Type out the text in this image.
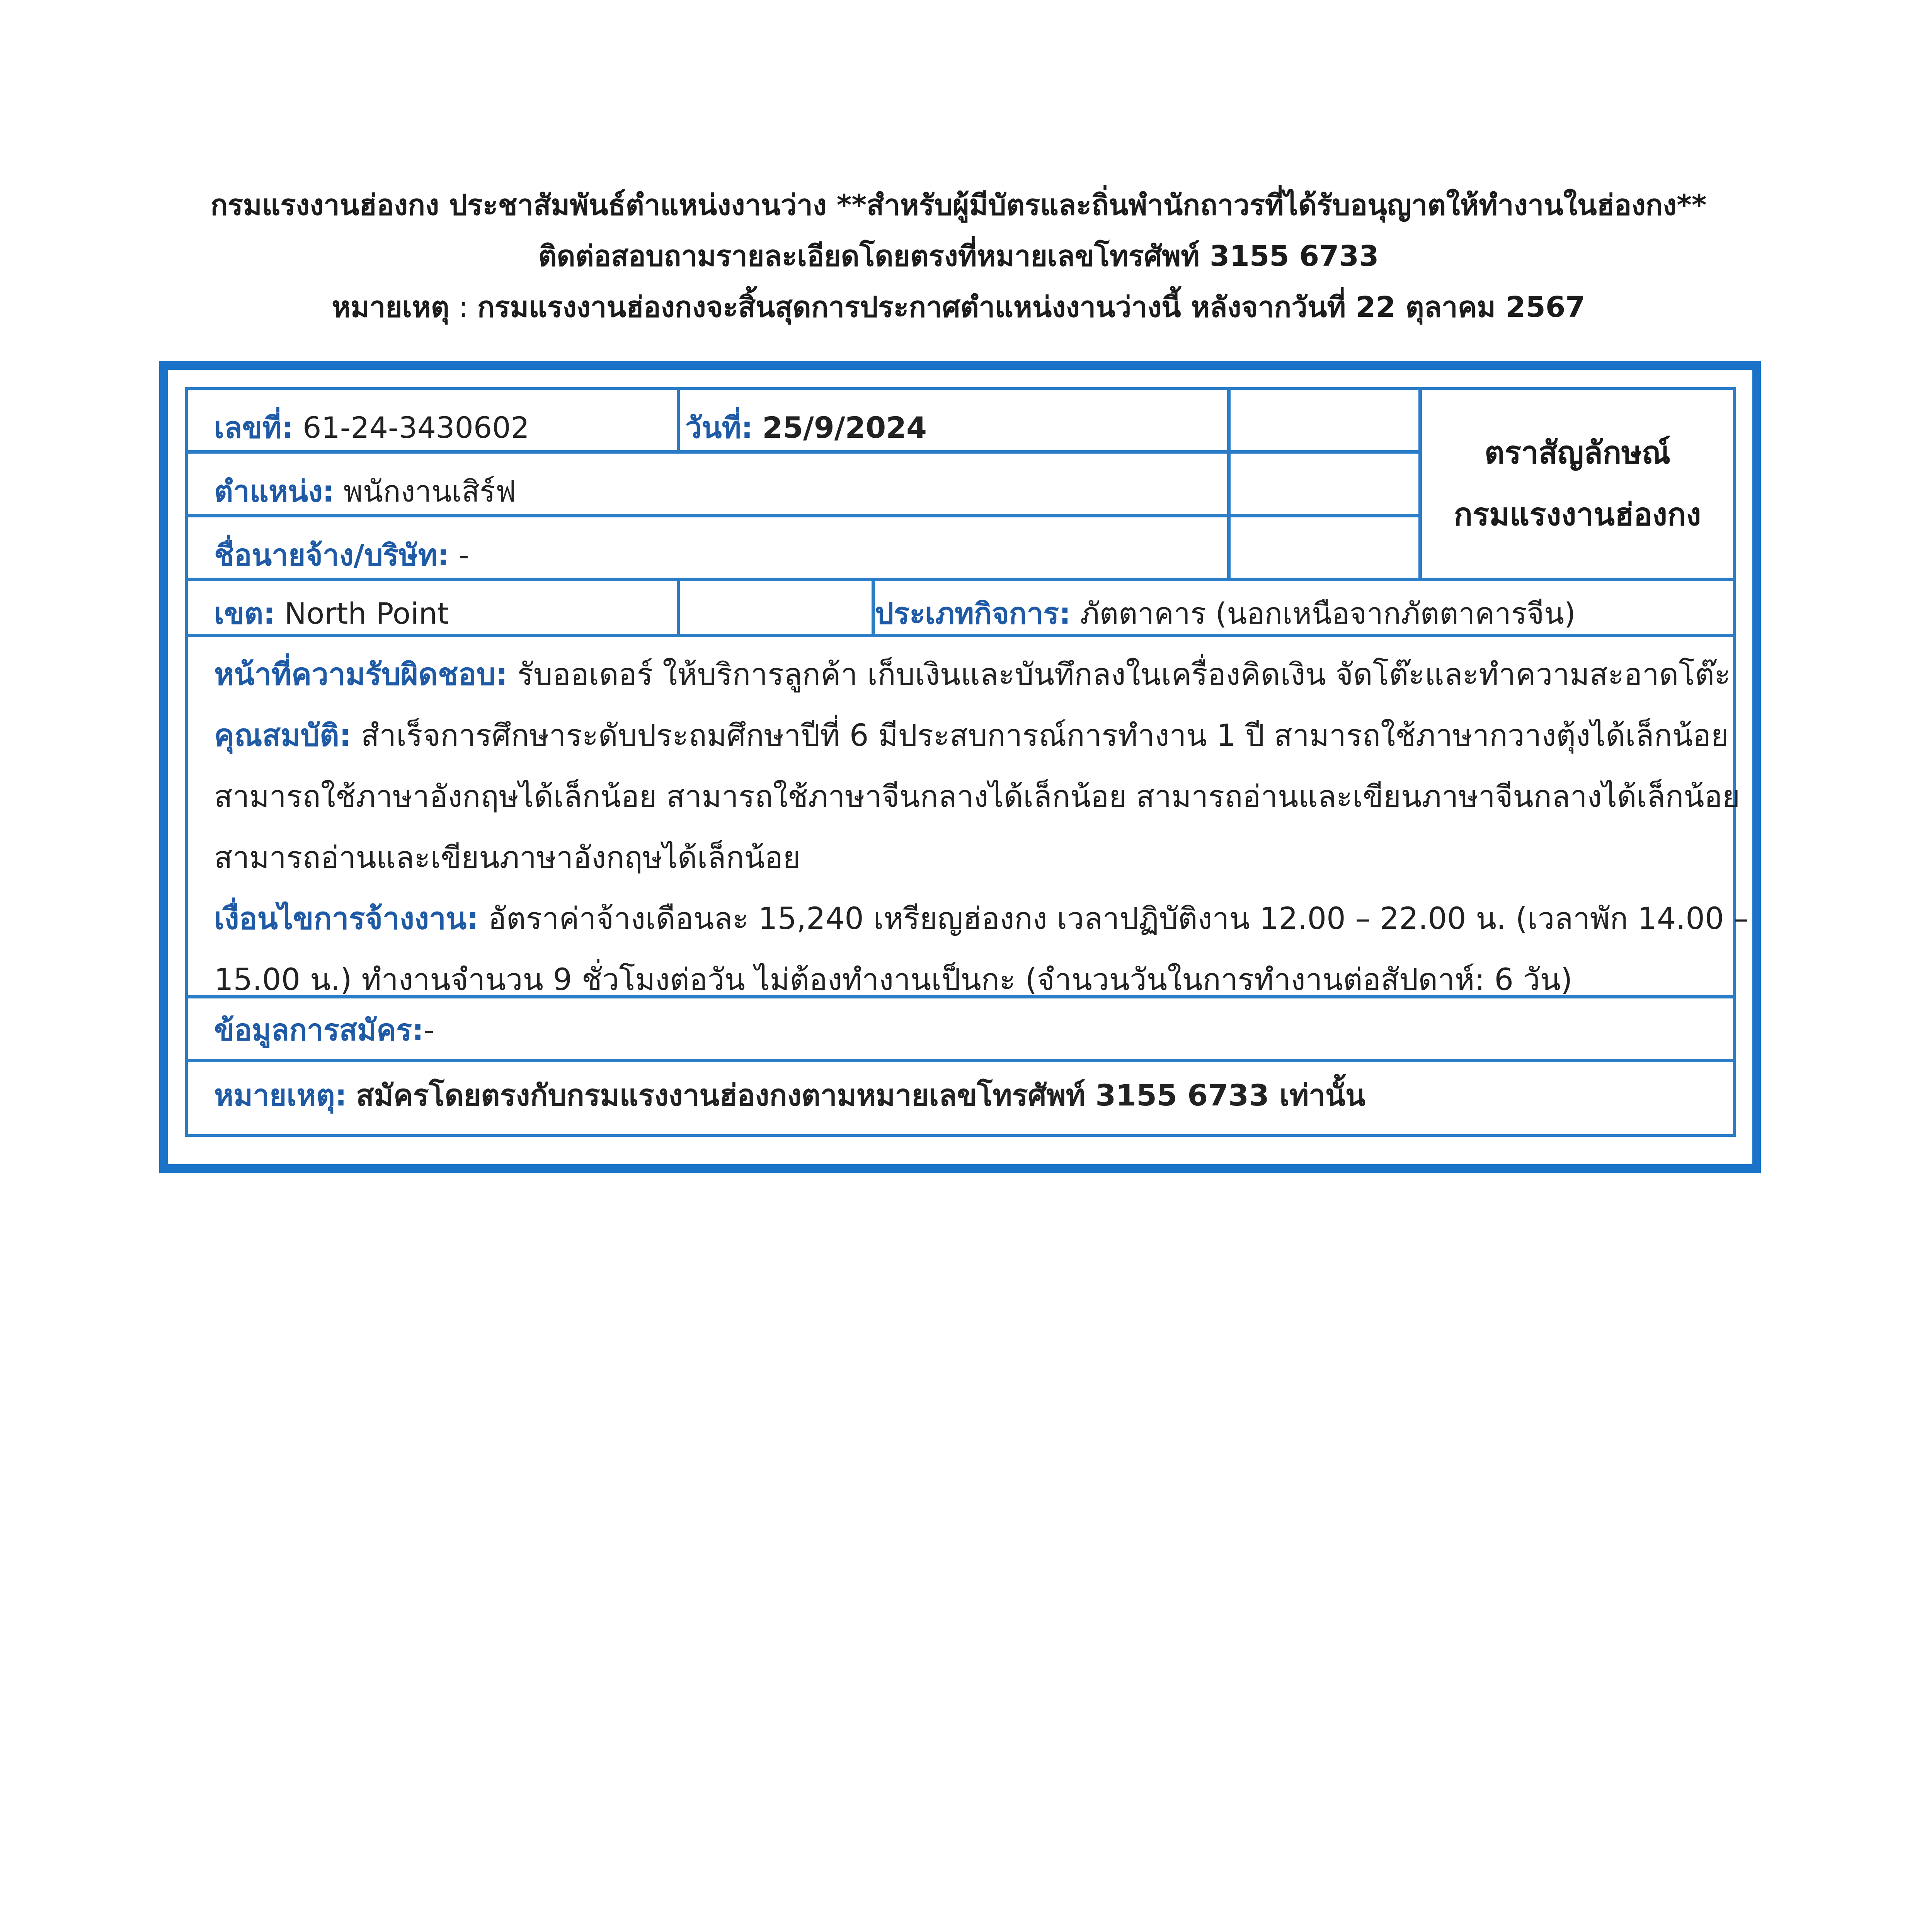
กรมแรงงานฮ่องกง ประชาสัมพันธ์ตำแหน่งงานว่าง **สำหรับผู้มีบัตรและถิ่นพำนักถาวรที่ได้รับอนุญาตให้ทำงานในฮ่องกง**
ติดต่อสอบถามรายละเอียดโดยตรงที่หมายเลขโทรศัพท์ 3155 6733
หมายเหตุ : กรมแรงงานฮ่องกงจะสิ้นสุดการประกาศตำแหน่งงานว่างนี้ หลังจากวันที่ 22 ตุลาคม 2567
เลขที่: 61-24-3430602	วันที่: 25/9/2024
ตำแหน่ง: พนักงานเสิร์ฟ
ชื่อนายจ้าง/บริษัท: -
ตราสัญลักษณ์
กรมแรงงานฮ่องกง
เขต: North Point	ประเภทกิจการ: ภัตตาคาร (นอกเหนือจากภัตตาคารจีน)
หน้าที่ความรับผิดชอบ: รับออเดอร์ ให้บริการลูกค้า เก็บเงินและบันทึกลงในเครื่องคิดเงิน จัดโต๊ะและทำความสะอาดโต๊ะ
คุณสมบัติ: สำเร็จการศึกษาระดับประถมศึกษาปีที่ 6 มีประสบการณ์การทำงาน 1 ปี สามารถใช้ภาษากวางตุ้งได้เล็กน้อย
สามารถใช้ภาษาอังกฤษได้เล็กน้อย สามารถใช้ภาษาจีนกลางได้เล็กน้อย สามารถอ่านและเขียนภาษาจีนกลางได้เล็กน้อย
สามารถอ่านและเขียนภาษาอังกฤษได้เล็กน้อย
เงื่อนไขการจ้างงาน: อัตราค่าจ้างเดือนละ 15,240 เหรียญฮ่องกง เวลาปฏิบัติงาน 12.00 – 22.00 น. (เวลาพัก 14.00 –
15.00 น.) ทำงานจำนวน 9 ชั่วโมงต่อวัน ไม่ต้องทำงานเป็นกะ (จำนวนวันในการทำงานต่อสัปดาห์: 6 วัน)
ข้อมูลการสมัคร:-
หมายเหตุ: สมัครโดยตรงกับกรมแรงงานฮ่องกงตามหมายเลขโทรศัพท์ 3155 6733 เท่านั้น
